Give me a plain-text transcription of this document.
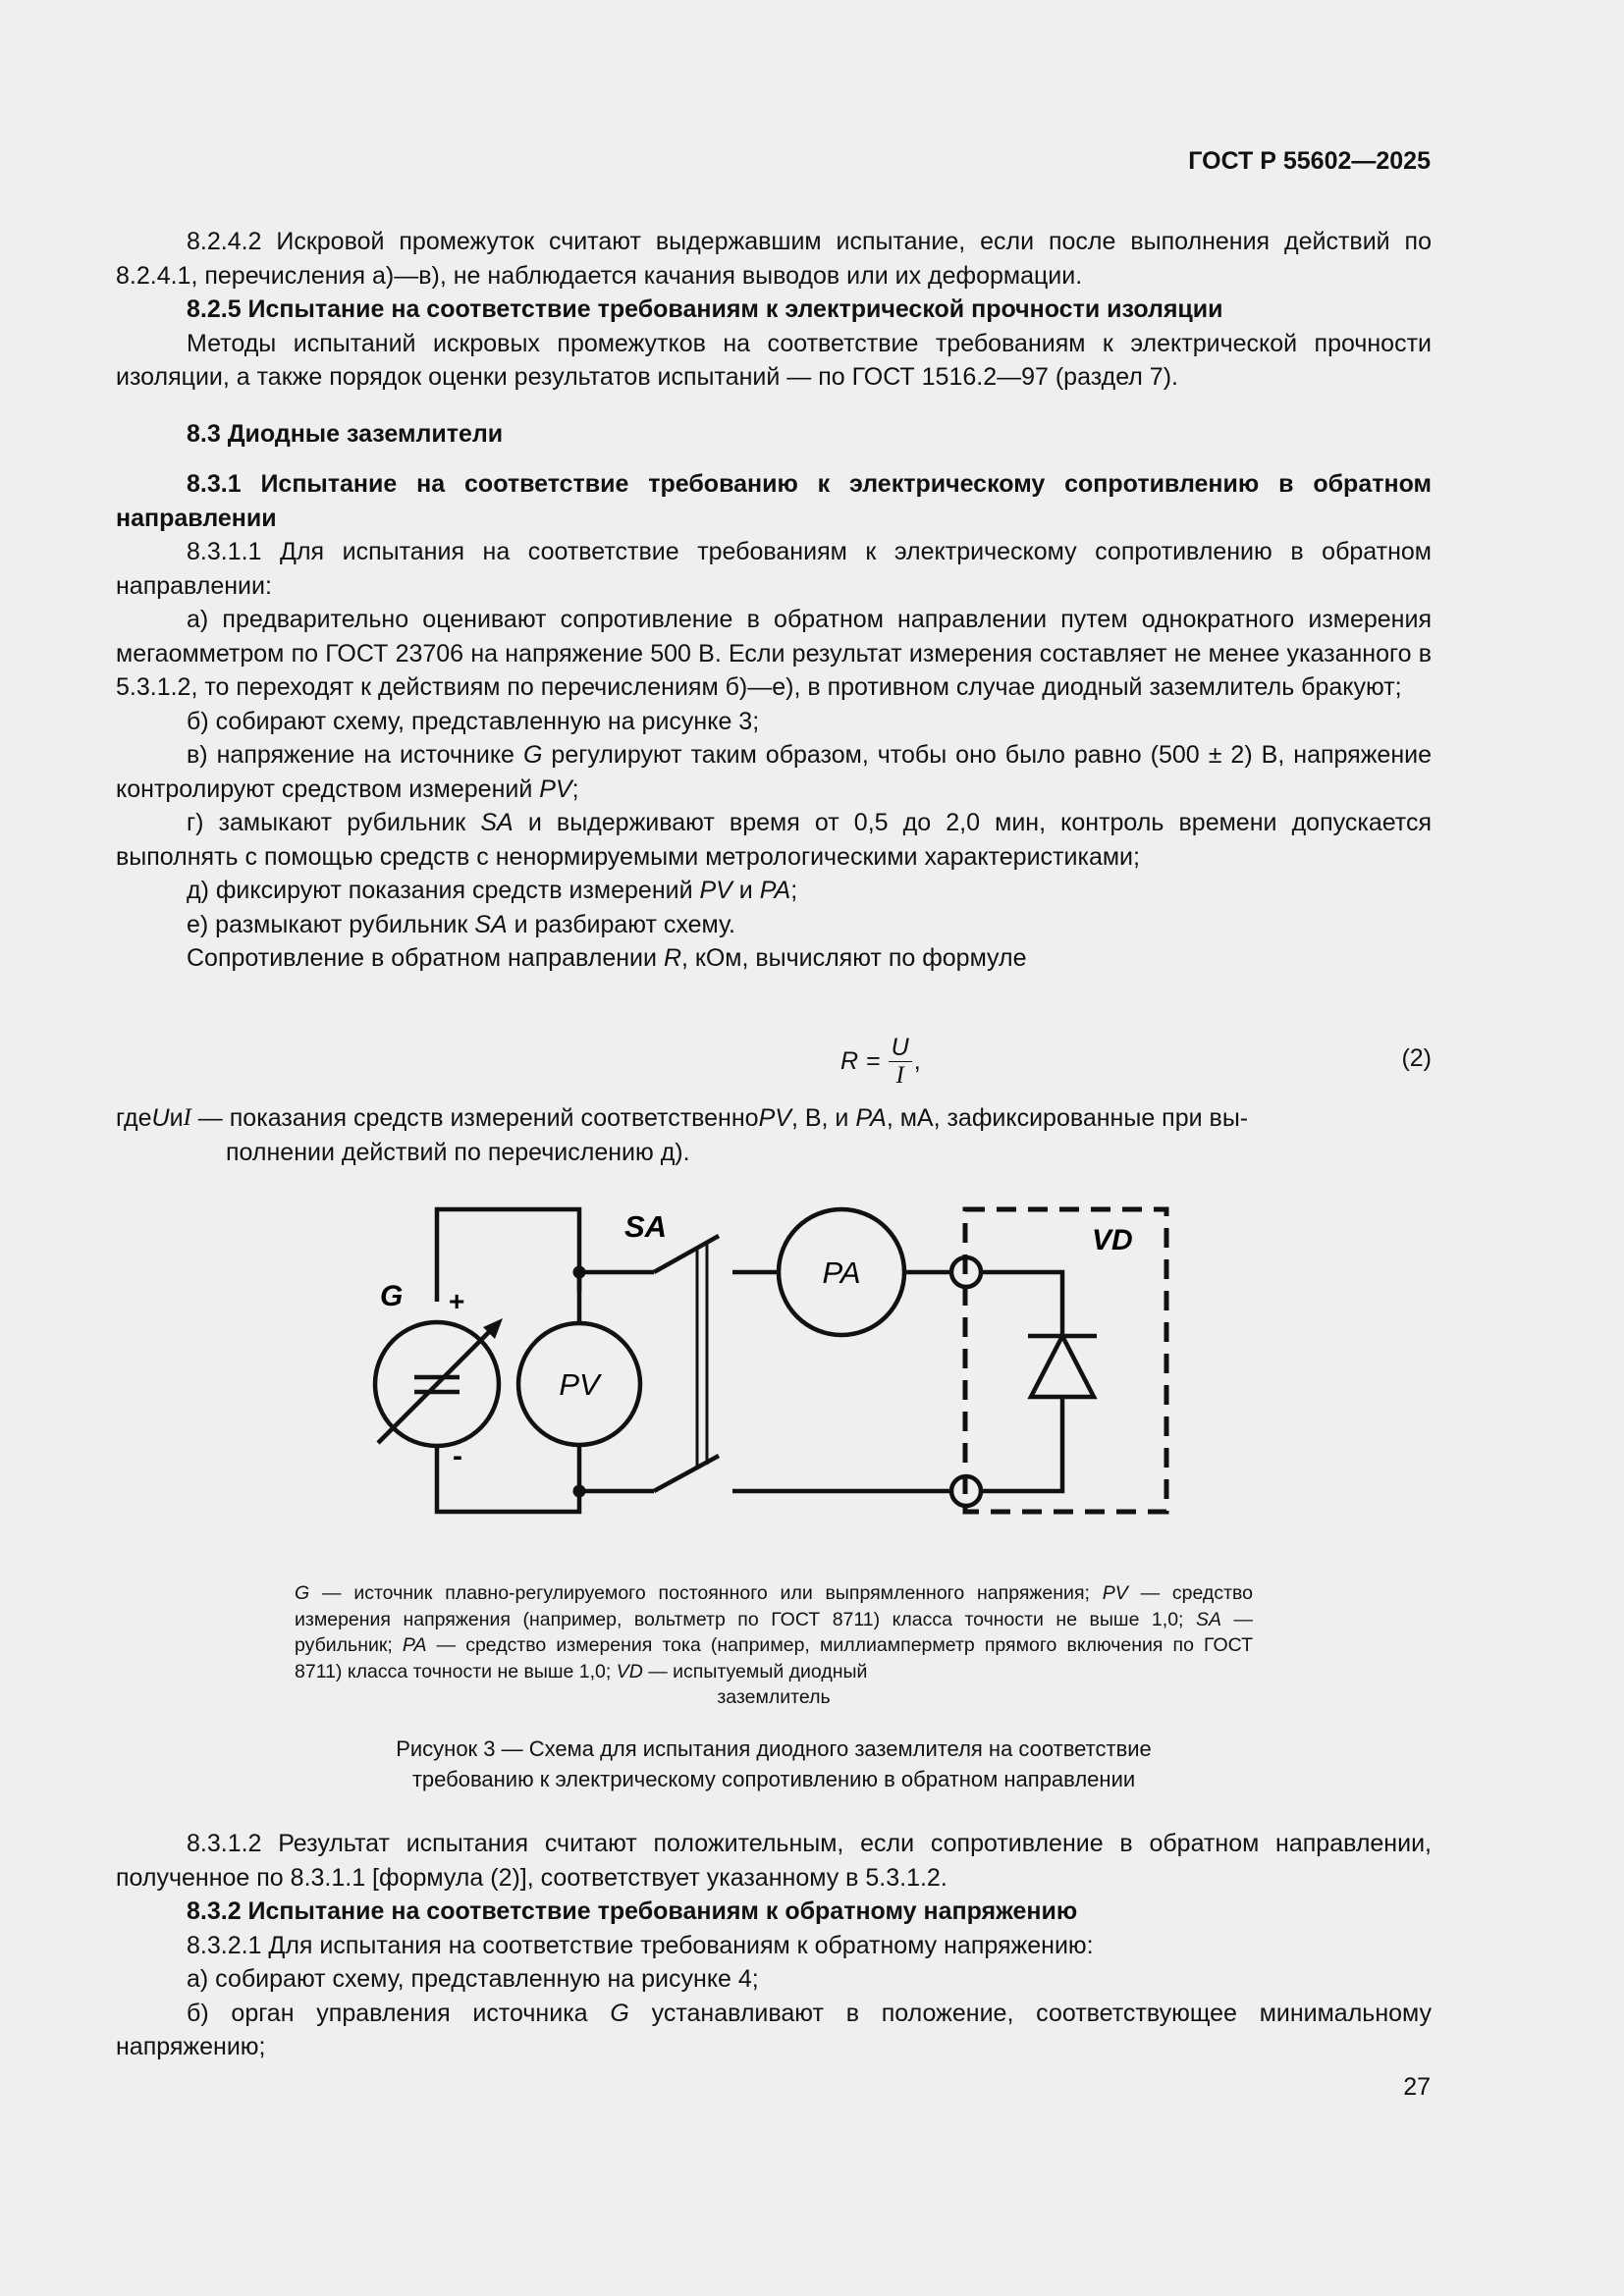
ГОСТ Р 55602—2025

8.2.4.2 Искровой промежуток считают выдержавшим испытание, если после выполнения действий по 8.2.4.1, перечисления а)—в), не наблюдается качания выводов или их деформации.

8.2.5 Испытание на соответствие требованиям к электрической прочности изоляции

Методы испытаний искровых промежутков на соответствие требованиям к электрической прочности изоляции, а также порядок оценки результатов испытаний — по ГОСТ 1516.2—97 (раздел 7).

8.3 Диодные заземлители

8.3.1 Испытание на соответствие требованию к электрическому сопротивлению в обратном направлении

8.3.1.1 Для испытания на соответствие требованиям к электрическому сопротивлению в обратном направлении:

а) предварительно оценивают сопротивление в обратном направлении путем однократного измерения мегаомметром по ГОСТ 23706 на напряжение 500 В. Если результат измерения составляет не менее указанного в 5.3.1.2, то переходят к действиям по перечислениям б)—е), в противном случае диодный заземлитель бракуют;

б) собирают схему, представленную на рисунке 3;

в) напряжение на источнике G регулируют таким образом, чтобы оно было равно (500 ± 2) В, напряжение контролируют средством измерений PV;

г) замыкают рубильник SA и выдерживают время от 0,5 до 2,0 мин, контроль времени допускается выполнять с помощью средств с ненормируемыми метрологическими характеристиками;

д) фиксируют показания средств измерений PV и PA;

е) размыкают рубильник SA и разбирают схему.

Сопротивление в обратном направлении R, кОм, вычисляют по формуле

$R = \frac{U}{I}$ ,	(2)
где U и I — показания средств измерений соответственно PV , В, и PA , мА, зафиксированные при вы-
полнении действий по перечислению д).
G +
-
PV
SA
PA
VD
G — источник плавно-регулируемого постоянного или выпрямленного напряжения; PV — средство измерения напряжения (например, вольтметр по ГОСТ 8711) класса точности не выше 1,0; SA — рубильник; PA — средство измерения тока (например, миллиамперметр прямого включения по ГОСТ 8711) класса точности не выше 1,0; VD — испытуемый диодный
заземлитель
Рисунок 3 — Схема для испытания диодного заземлителя на соответствие
требованию к электрическому сопротивлению в обратном направлении

8.3.1.2 Результат испытания считают положительным, если сопротивление в обратном направлении, полученное по 8.3.1.1 [формула (2)], соответствует указанному в 5.3.1.2.

8.3.2 Испытание на соответствие требованиям к обратному напряжению

8.3.2.1 Для испытания на соответствие требованиям к обратному напряжению:

а) собирают схему, представленную на рисунке 4;

б) орган управления источника G устанавливают в положение, соответствующее минимальному напряжению;

27
